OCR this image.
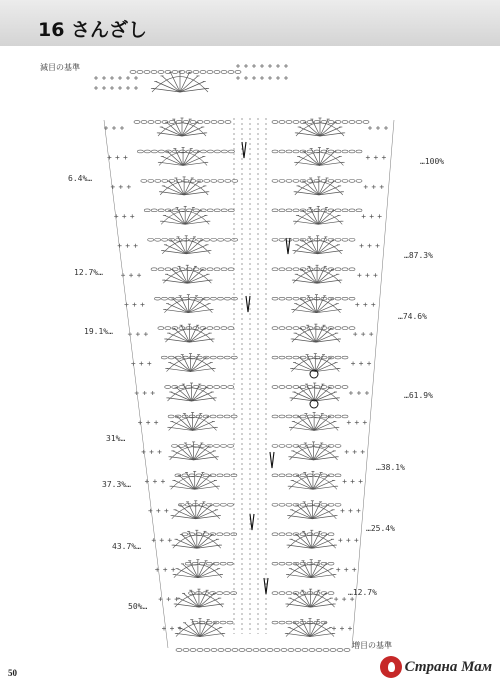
16 さんざし
減目の基準
増目の基準
6.4%…
12.7%…
19.1%…
31%…
37.3%…
43.7%…
50%…
…100%
…87.3%
…74.6%
…61.9%
…38.1%
…25.4%
…12.7%
50	Страна Мам
